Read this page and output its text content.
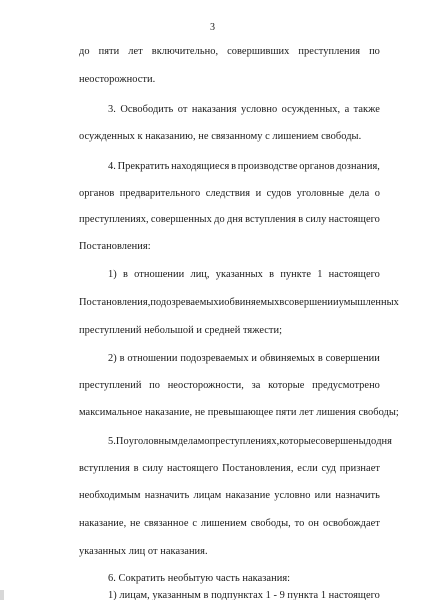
3
до пяти лет включительно, совершивших преступления по
неосторожности.
3. Освободить от наказания условно осужденных, а также
осужденных к наказанию, не связанному с лишением свободы.
4. Прекратить находящиеся в производстве органов дознания,
органов предварительного следствия и судов уголовные дела о
преступлениях, совершенных до дня вступления в силу настоящего
Постановления:
1) в отношении лиц, указанных в пункте 1 настоящего
Постановления, подозреваемых и обвиняемых в совершении умышленных
преступлений небольшой и средней тяжести;
2) в отношении подозреваемых и обвиняемых в совершении
преступлений по неосторожности, за которые предусмотрено
максимальное наказание, не превышающее пяти лет лишения свободы;
5. По уголовным делам о преступлениях, которые совершены до дня
вступления в силу настоящего Постановления, если суд признает
необходимым назначить лицам наказание условно или назначить
наказание, не связанное с лишением свободы, то он освобождает
указанных лиц от наказания.
6. Сократить необытую часть наказания:
1) лицам, указанным в подпунктах 1 - 9 пункта 1 настоящего
